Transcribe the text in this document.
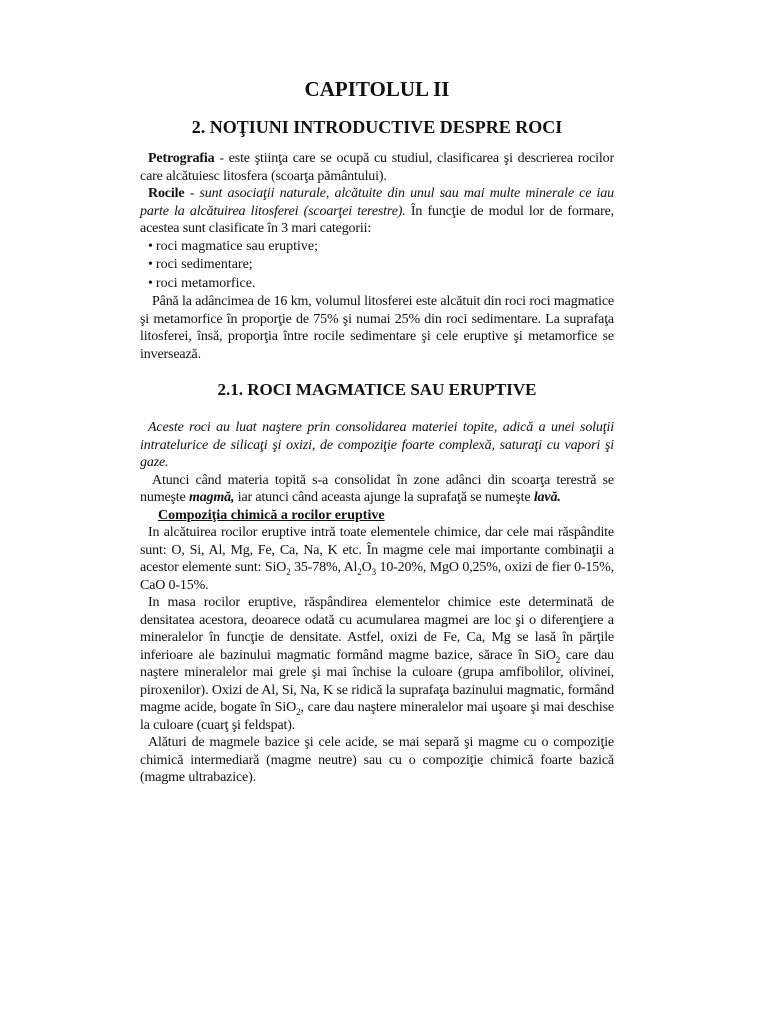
CAPITOLUL II
2. NOŢIUNI INTRODUCTIVE DESPRE ROCI

Petrografia - este ştiinţa care se ocupă cu studiul, clasificarea şi descrierea rocilor care alcătuiesc litosfera (scoarţa pământului).

Rocile - sunt asociaţii naturale, alcătuite din unul sau mai multe minerale ce iau parte la alcătuirea litosferei (scoarţei terestre). În funcţie de modul lor de formare, acestea sunt clasificate în 3 mari categorii:

• roci magmatice sau eruptive;
• roci sedimentare;
• roci metamorfice.

Până la adâncimea de 16 km, volumul litosferei este alcătuit din roci roci magmatice şi metamorfice în proporţie de 75% şi numai 25% din roci sedimentare. La suprafaţa litosferei, însă, proporţia între rocile sedimentare şi cele eruptive şi metamorfice se inversează.

2.1. ROCI MAGMATICE SAU ERUPTIVE

Aceste roci au luat naştere prin consolidarea materiei topite, adică a unei soluţii intratelurice de silicaţi şi oxizi, de compoziţie foarte complexă, saturaţi cu vapori şi gaze.

Atunci când materia topită s-a consolidat în zone adânci din scoarţa terestră se numeşte magmă, iar atunci când aceasta ajunge la suprafaţă se numeşte lavă.

Compoziţia chimică a rocilor eruptive

In alcătuirea rocilor eruptive intră toate elementele chimice, dar cele mai răspândite sunt: O, Si, Al, Mg, Fe, Ca, Na, K etc. În magme cele mai importante combinaţii a acestor elemente sunt: SiO$_2$ 35-78%, $Al_2O_3$ 10-20%, MgO 0,25%, oxizi de fier 0-15%, CaO 0-15%.

In masa rocilor eruptive, răspândirea elementelor chimice este determinată de densitatea acestora, deoarece odată cu acumularea magmei are loc şi o diferenţiere a mineralelor în funcţie de densitate. Astfel, oxizi de Fe, Ca, Mg se lasă în părţile inferioare ale bazinului magmatic formând magme bazice, sărace în SiO$_2$ care dau naştere mineralelor mai grele şi mai închise la culoare (grupa amfibolilor, olivinei, piroxenilor). Oxizi de Al, Si, Na, K se ridică la suprafaţa bazinului magmatic, formând magme acide, bogate în SiO$_2$, care dau naştere mineralelor mai uşoare şi mai deschise la culoare (cuarţ şi feldspat).

Alături de magmele bazice şi cele acide, se mai separă şi magme cu o compoziţie chimică intermediară (magme neutre) sau cu o compoziţie chimică foarte bazică (magme ultrabazice).
